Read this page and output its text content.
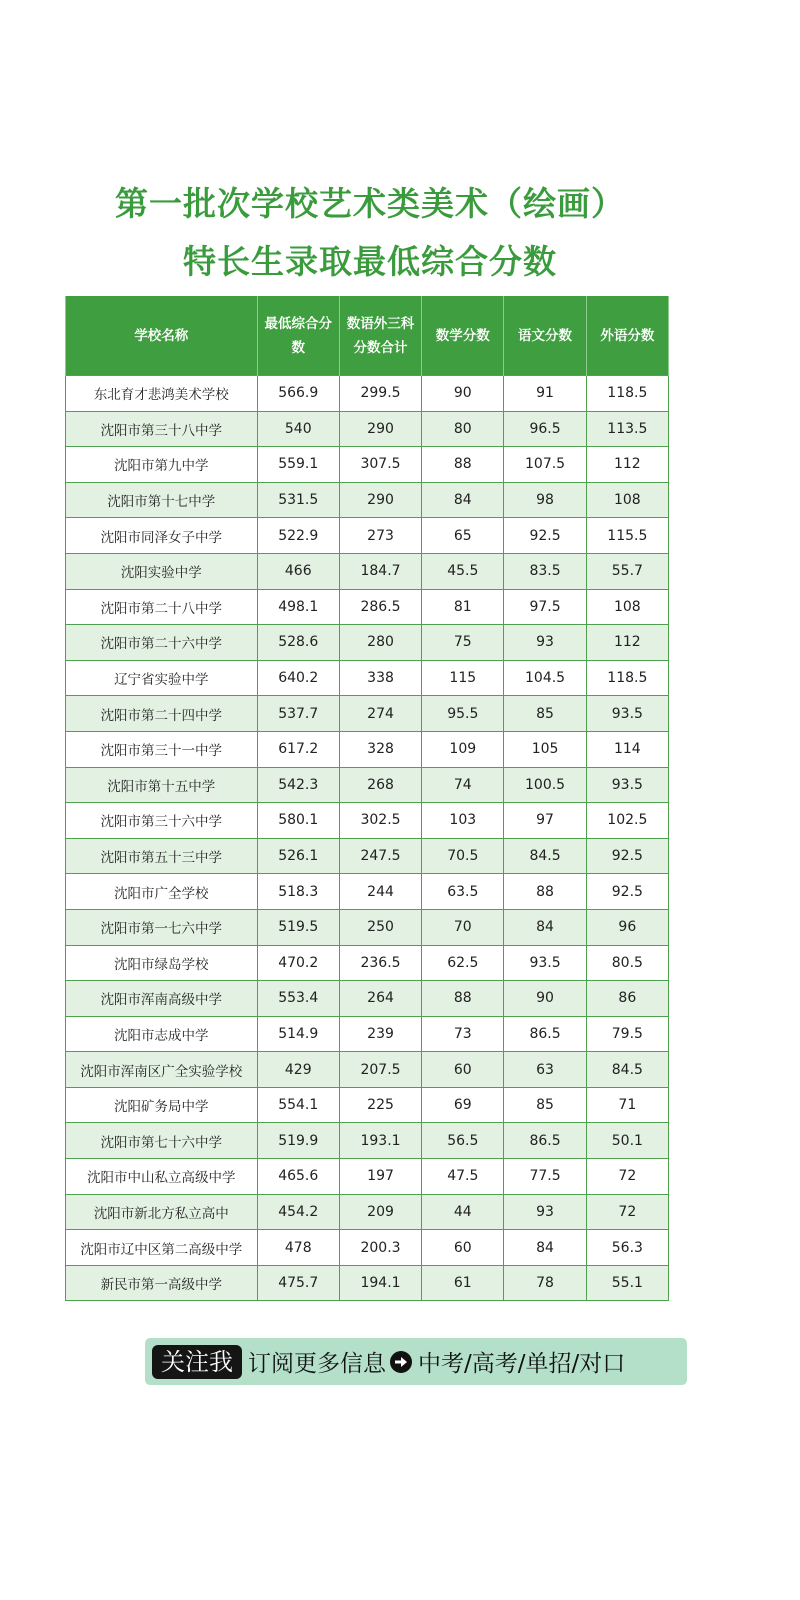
第一批次学校艺术类美术（绘画）
特长生录取最低综合分数
学校名称	最低综合分数	数语外三科分数合计	数学分数	语文分数	外语分数
东北育才悲鸿美术学校	566.9	299.5	90	91	118.5
沈阳市第三十八中学	540	290	80	96.5	113.5
沈阳市第九中学	559.1	307.5	88	107.5	112
沈阳市第十七中学	531.5	290	84	98	108
沈阳市同泽女子中学	522.9	273	65	92.5	115.5
沈阳实验中学	466	184.7	45.5	83.5	55.7
沈阳市第二十八中学	498.1	286.5	81	97.5	108
沈阳市第二十六中学	528.6	280	75	93	112
辽宁省实验中学	640.2	338	115	104.5	118.5
沈阳市第二十四中学	537.7	274	95.5	85	93.5
沈阳市第三十一中学	617.2	328	109	105	114
沈阳市第十五中学	542.3	268	74	100.5	93.5
沈阳市第三十六中学	580.1	302.5	103	97	102.5
沈阳市第五十三中学	526.1	247.5	70.5	84.5	92.5
沈阳市广全学校	518.3	244	63.5	88	92.5
沈阳市第一七六中学	519.5	250	70	84	96
沈阳市绿岛学校	470.2	236.5	62.5	93.5	80.5
沈阳市浑南高级中学	553.4	264	88	90	86
沈阳市志成中学	514.9	239	73	86.5	79.5
沈阳市浑南区广全实验学校	429	207.5	60	63	84.5
沈阳矿务局中学	554.1	225	69	85	71
沈阳市第七十六中学	519.9	193.1	56.5	86.5	50.1
沈阳市中山私立高级中学	465.6	197	47.5	77.5	72
沈阳市新北方私立高中	454.2	209	44	93	72
沈阳市辽中区第二高级中学	478	200.3	60	84	56.3
新民市第一高级中学	475.7	194.1	61	78	55.1
关注我 订阅更多信息 中考/高考/单招/对口
